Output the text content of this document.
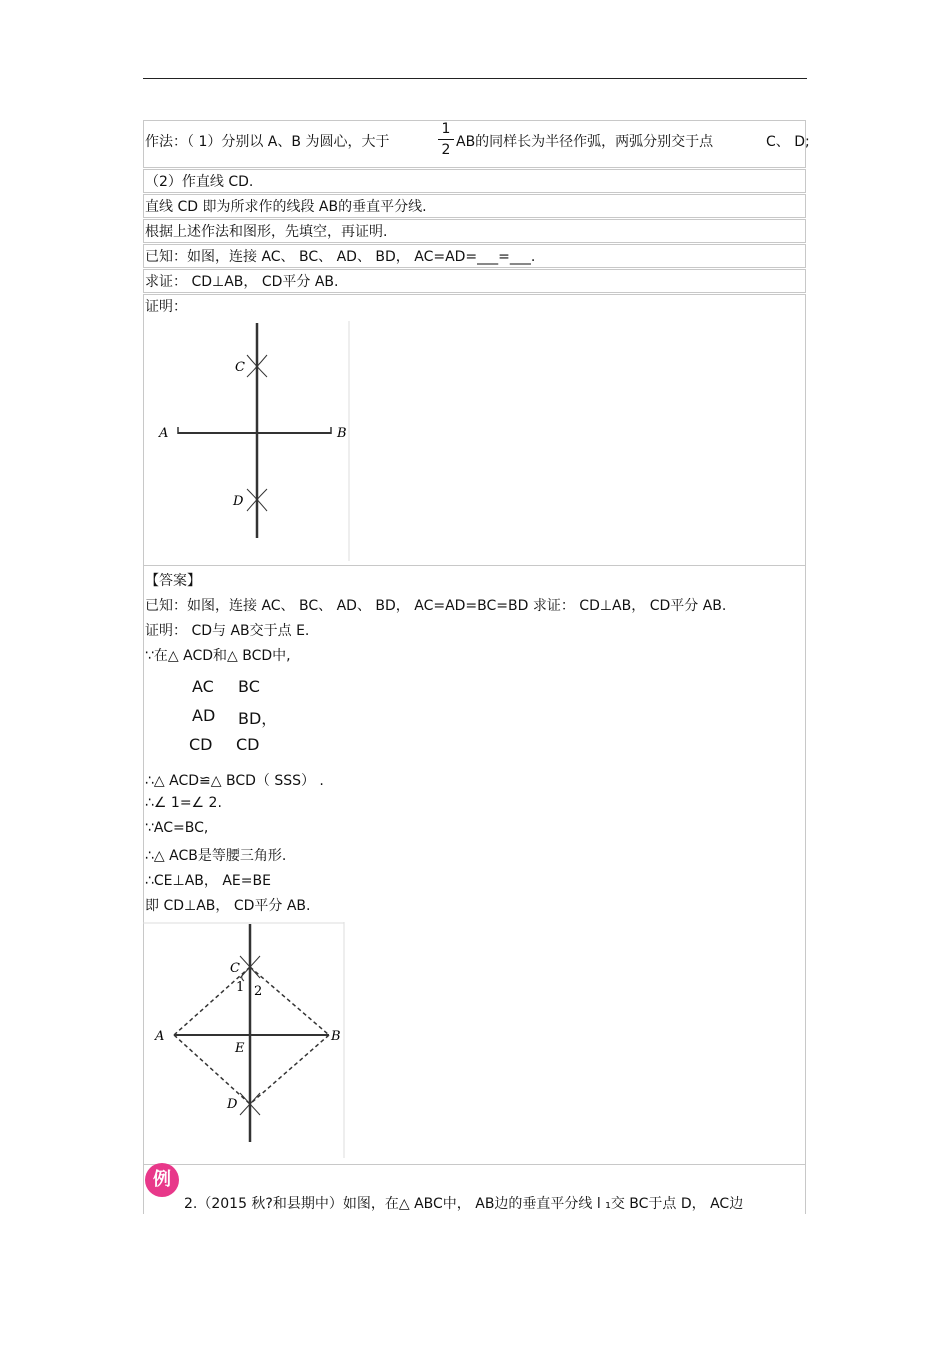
作法：（ 1）分别以 A、B 为圆心，大于
1
2 AB的同样长为半径作弧，两弧分别交于点	C、 D;
（2）作直线 CD.
直线 CD 即为所求作的线段 AB的垂直平分线.
根据上述作法和图形，先填空，再证明.
已知：如图，连接 AC、 BC、 AD、 BD， AC=AD=___=___.
求证： CD⊥AB， CD平分 AB.
证明：
C
A	B
D
【答案】
已知：如图，连接 AC、 BC、 AD、 BD， AC=AD=BC=BD 求证： CD⊥AB， CD平分 AB.
证明： CD与 AB交于点 E.
∵在△ ACD和△ BCD中,
AC BC
AD BD，
CD CD
∴△ ACD≌△ BCD（ SSS） .
∴∠ 1=∠ 2.
∵AC=BC,
∴△ ACB是等腰三角形.
∴CE⊥AB， AE=BE
即 CD⊥AB， CD平分 AB.
C
A	B
D
E
1 2
例
2.（2015 秋?和县期中）如图，在△ ABC中， AB边的垂直平分线 l ₁交 BC于点 D， AC边
